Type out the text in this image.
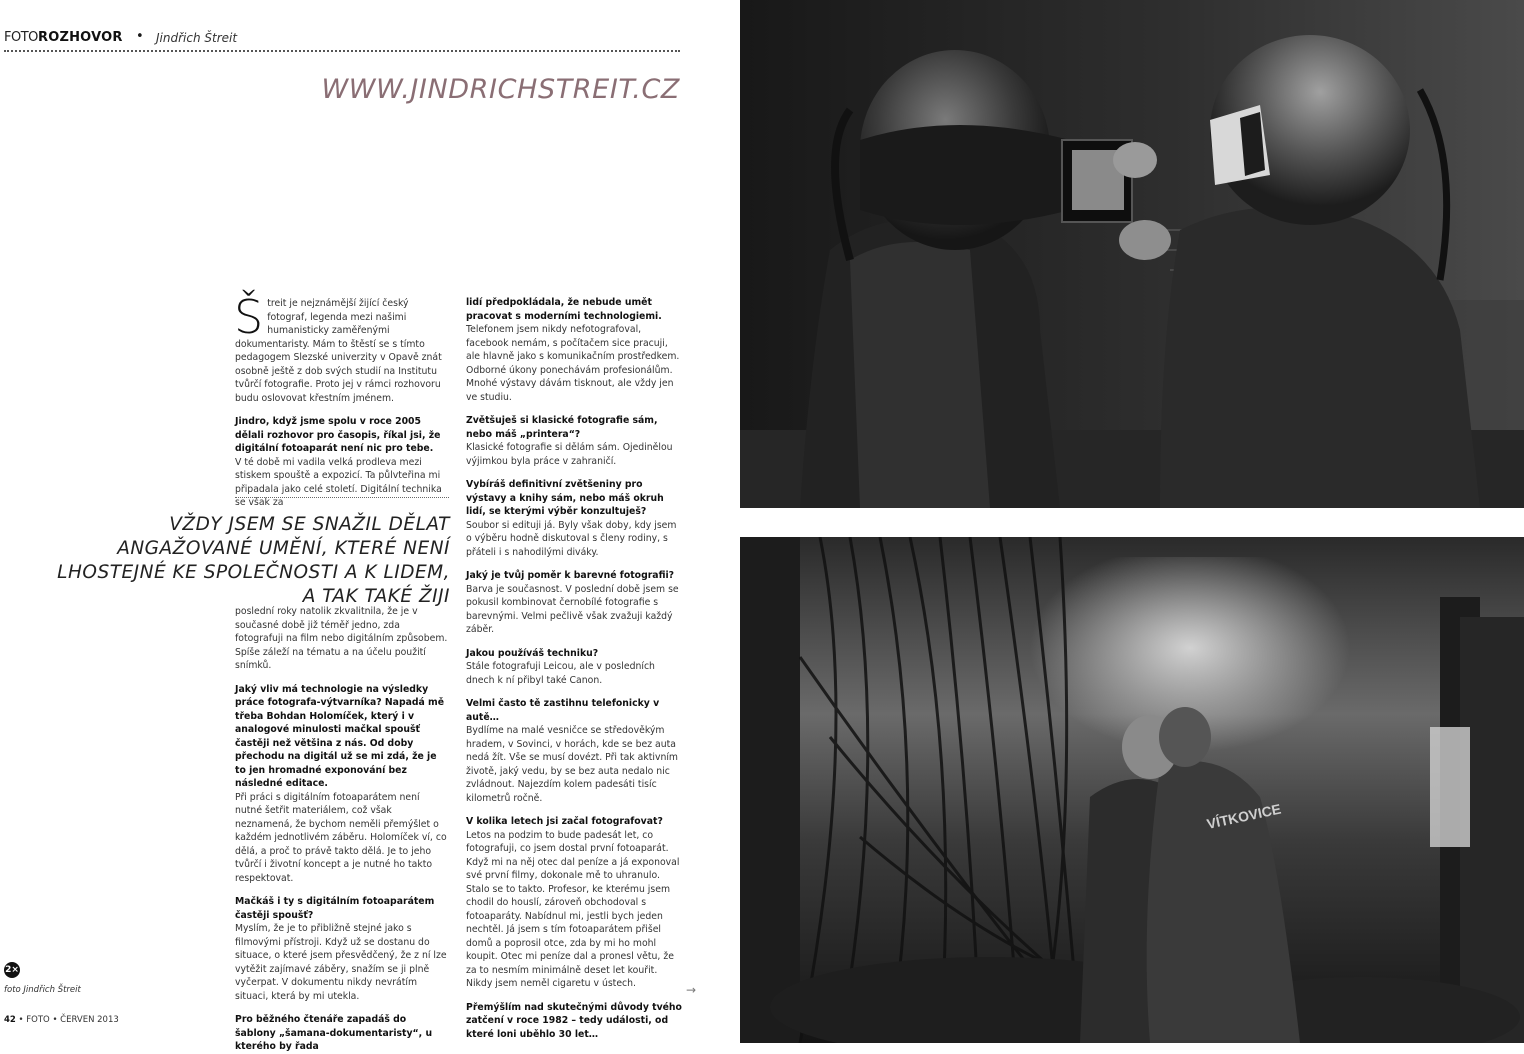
FOTO ROZHOVOR • Jindřich Štreit
WWW.JINDRICHSTREIT.CZ

Štreit je nejznámější žijící český fotograf, legenda mezi našimi humanisticky zaměřenými dokumentaristy. Mám to štěstí se s tímto pedagogem Slezské univerzity v Opavě znát osobně ještě z dob svých studií na Institutu tvůrčí fotografie. Proto jej v rámci rozhovoru budu oslovovat křestním jménem.

Jindro, když jsme spolu v roce 2005 dělali rozhovor pro časopis, říkal jsi, že digitální fotoaparát není nic pro tebe.

V té době mi vadila velká prodleva mezi stiskem spouště a expozicí. Ta půlvteřina mi připadala jako celé století. Digitální technika se však za

VŽDY JSEM SE SNAŽIL DĚLAT ANGAŽOVANÉ UMĚNÍ, KTERÉ NENÍ LHOSTEJNÉ KE SPOLEČNOSTI A K LIDEM, A TAK TAKÉ ŽIJI

poslední roky natolik zkvalitnila, že je v současné době již téměř jedno, zda fotografuji na film nebo digitálním způsobem. Spíše záleží na tématu a na účelu použití snímků.

Jaký vliv má technologie na výsledky práce fotografa-výtvarníka? Napadá mě třeba Bohdan Holomíček, který i v analogové minulosti mačkal spoušť častěji než většina z nás. Od doby přechodu na digitál už se mi zdá, že je to jen hromadné exponování bez následné editace.

Při práci s digitálním fotoaparátem není nutné šetřit materiálem, což však neznamená, že bychom neměli přemýšlet o každém jednotlivém záběru. Holomíček ví, co dělá, a proč to právě takto dělá. Je to jeho tvůrčí i životní koncept a je nutné ho takto respektovat.

Mačkáš i ty s digitálním fotoaparátem častěji spoušť?

Myslím, že je to přibližně stejné jako s filmovými přístroji. Když už se dostanu do situace, o které jsem přesvědčený, že z ní lze vytěžit zajímavé záběry, snažím se ji plně vyčerpat. V dokumentu nikdy nevrátím situaci, která by mi utekla.

Pro běžného čtenáře zapadáš do šablony „šamana-dokumentaristy“, u kterého by řada

lidí předpokládala, že nebude umět pracovat s moderními technologiemi.

Telefonem jsem nikdy nefotografoval, facebook nemám, s počítačem sice pracuji, ale hlavně jako s komunikačním prostředkem. Odborné úkony ponechávám profesionálům. Mnohé výstavy dávám tisknout, ale vždy jen ve studiu.

Zvětšuješ si klasické fotografie sám, nebo máš „printera“?

Klasické fotografie si dělám sám. Ojedinělou výjimkou byla práce v zahraničí.

Vybíráš definitivní zvětšeniny pro výstavy a knihy sám, nebo máš okruh lidí, se kterými výběr konzultuješ?

Soubor si edituji já. Byly však doby, kdy jsem o výběru hodně diskutoval s členy rodiny, s přáteli i s nahodilými diváky.

Jaký je tvůj poměr k barevné fotografii?

Barva je současnost. V poslední době jsem se pokusil kombinovat černobílé fotografie s barevnými. Velmi pečlivě však zvažuji každý záběr.

Jakou používáš techniku?

Stále fotografuji Leicou, ale v posledních dnech k ní přibyl také Canon.

Velmi často tě zastihnu telefonicky v autě…

Bydlíme na malé vesničce se středověkým hradem, v Sovinci, v horách, kde se bez auta nedá žít. Vše se musí dovézt. Při tak aktivním životě, jaký vedu, by se bez auta nedalo nic zvládnout. Najezdím kolem padesáti tisíc kilometrů ročně.

V kolika letech jsi začal fotografovat?

Letos na podzim to bude padesát let, co fotografuji, co jsem dostal první fotoaparát. Když mi na něj otec dal peníze a já exponoval své první filmy, dokonale mě to uhranulo. Stalo se to takto. Profesor, ke kterému jsem chodil do houslí, zároveň obchodoval s fotoaparáty. Nabídnul mi, jestli bych jeden nechtěl. Já jsem s tím fotoaparátem přišel domů a poprosil otce, zda by mi ho mohl koupit. Otec mi peníze dal a pronesl větu, že za to nesmím minimálně deset let kouřit. Nikdy jsem neměl cigaretu v ústech.

Přemýšlím nad skutečnými důvody tvého zatčení v roce 1982 – tedy události, od které loni uběhlo 30 let…

→
2×
foto Jindřich Štreit
42 • FOTO • ČERVEN 2013
VÍTKOVICE
